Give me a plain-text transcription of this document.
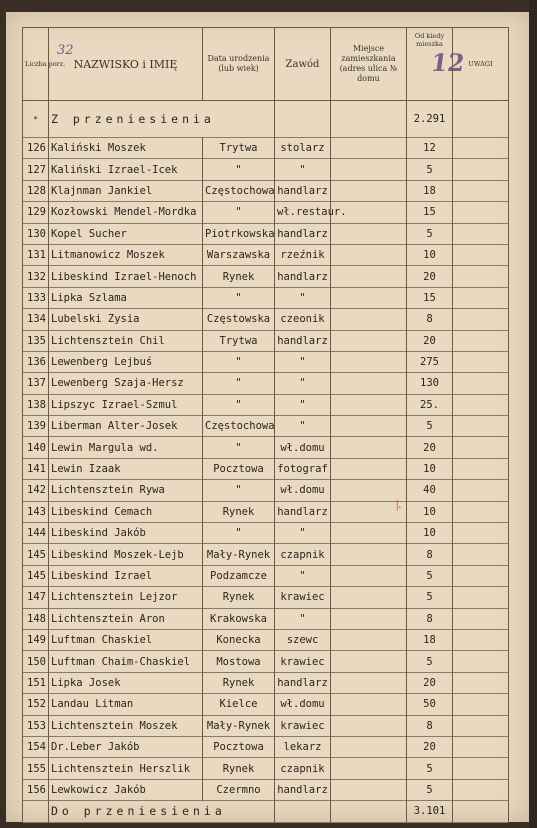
32	12
|.
Liczba porz.	NAZWISKO i IMIĘ	Data urodzenia (lub wiek)	Zawód	Miejsce zamieszkania (adres ulica № domu	Od kiedy mieszka	UWAGI
*	Z przeniesienia				2.291	
126	Kaliński Moszek	Trytwa	stolarz		12	
127	Kaliński Izrael-Icek	"	"		5	
128	Klajnman Jankiel	Częstochowa	handlarz		18	
129	Kozłowski Mendel-Mordka	"	wł.restaur.		15	
130	Kopel Sucher	Piotrkowska	handlarz		5	
131	Litmanowicz Moszek	Warszawska	rzeźnik		10	
132	Libeskind Izrael-Henoch	Rynek	handlarz		20	
133	Lipka Szlama	"	"		15	
134	Lubelski Zysia	Częstowska	czeonik		8	
135	Lichtensztein Chil	Trytwa	handlarz		20	
136	Lewenberg Lejbuś	"	"		275	
137	Lewenberg Szaja-Hersz	"	"		130	
138	Lipszyc Izrael-Szmul	"	"		25.	
139	Liberman Alter-Josek	Częstochowa	"		5	
140	Lewin Margula wd.	"	wł.domu		20	
141	Lewin Izaak	Pocztowa	fotograf		10	
142	Lichtensztein Rywa	"	wł.domu		40	
143	Libeskind Cemach	Rynek	handlarz		10	
144	Libeskind Jakób	"	"		10	
145	Libeskind Moszek-Lejb	Mały-Rynek	czapnik		8	
145	Libeskind Izrael	Podzamcze	"		5	
147	Lichtensztein Lejzor	Rynek	krawiec		5	
148	Lichtensztein Aron	Krakowska	"		8	
149	Luftman Chaskiel	Konecka	szewc		18	
150	Luftman Chaim-Chaskiel	Mostowa	krawiec		5	
151	Lipka Josek	Rynek	handlarz		20	
152	Landau Litman	Kielce	wł.domu		50	
153	Lichtensztein Moszek	Mały-Rynek	krawiec		8	
154	Dr.Leber Jakób	Pocztowa	lekarz		20	
155	Lichtensztein Herszlik	Rynek	czapnik		5	
156	Lewkowicz Jakób	Czermno	handlarz		5	
	Do przeniesienia				3.101	
